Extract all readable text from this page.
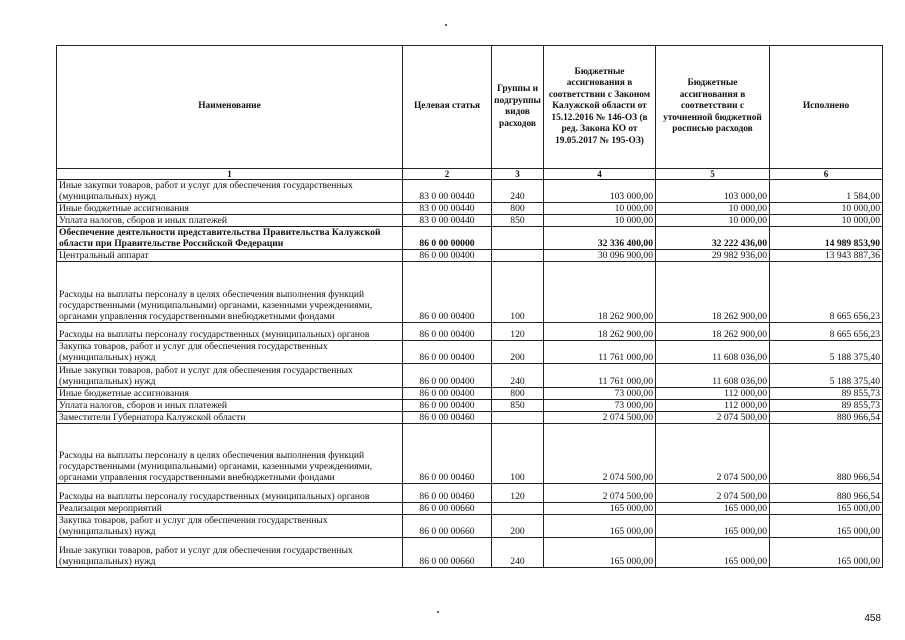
Наименование	Целевая статья	Группы и подгруппы видов расходов	Бюджетные ассигнования в соответствии с Законом Калужской области от 15.12.2016 № 146-ОЗ (в ред. Закона КО от 19.05.2017 № 195-ОЗ)	Бюджетные ассигнования в соответствии с уточненной бюджетной росписью расходов	Исполнено
1	2	3	4	5	6
Иные закупки товаров, работ и услуг для обеспечения государственных (муниципальных) нужд	83 0 00 00440	240	103 000,00	103 000,00	1 584,00
Иные бюджетные ассигнования	83 0 00 00440	800	10 000,00	10 000,00	10 000,00
Уплата налогов, сборов и иных платежей	83 0 00 00440	850	10 000,00	10 000,00	10 000,00
Обеспечение деятельности представительства Правительства Калужской области при Правительстве Российской Федерации	86 0 00 00000		32 336 400,00	32 222 436,00	14 989 853,90
Центральный аппарат	86 0 00 00400		30 096 900,00	29 982 936,00	13 943 887,36
Расходы на выплаты персоналу в целях обеспечения выполнения функций государственными (муниципальными) органами, казенными учреждениями, органами управления государственными внебюджетными фондами	86 0 00 00400	100	18 262 900,00	18 262 900,00	8 665 656,23
Расходы на выплаты персоналу государственных (муниципальных) органов	86 0 00 00400	120	18 262 900,00	18 262 900,00	8 665 656,23
Закупка товаров, работ и услуг для обеспечения государственных (муниципальных) нужд	86 0 00 00400	200	11 761 000,00	11 608 036,00	5 188 375,40
Иные закупки товаров, работ и услуг для обеспечения государственных (муниципальных) нужд	86 0 00 00400	240	11 761 000,00	11 608 036,00	5 188 375,40
Иные бюджетные ассигнования	86 0 00 00400	800	73 000,00	112 000,00	89 855,73
Уплата налогов, сборов и иных платежей	86 0 00 00400	850	73 000,00	112 000,00	89 855,73
Заместители Губернатора Калужской области	86 0 00 00460		2 074 500,00	2 074 500,00	880 966,54
Расходы на выплаты персоналу в целях обеспечения выполнения функций государственными (муниципальными) органами, казенными учреждениями, органами управления государственными внебюджетными фондами	86 0 00 00460	100	2 074 500,00	2 074 500,00	880 966,54
Расходы на выплаты персоналу государственных (муниципальных) органов	86 0 00 00460	120	2 074 500,00	2 074 500,00	880 966,54
Реализация мероприятий	86 0 00 00660		165 000,00	165 000,00	165 000,00
Закупка товаров, работ и услуг для обеспечения государственных (муниципальных) нужд	86 0 00 00660	200	165 000,00	165 000,00	165 000,00
Иные закупки товаров, работ и услуг для обеспечения государственных (муниципальных) нужд	86 0 00 00660	240	165 000,00	165 000,00	165 000,00
458
